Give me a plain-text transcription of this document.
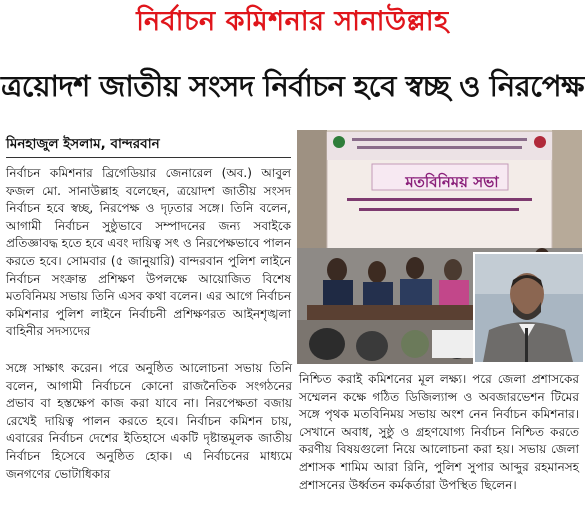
নির্বাচন কমিশনার সানাউল্লাহ
ত্রয়োদশ জাতীয় সংসদ নির্বাচন হবে স্বচ্ছ ও নিরপেক্ষ
মিনহাজুল ইসলাম, বান্দরবান

নির্বাচন কমিশনার ব্রিগেডিয়ার জেনারেল (অব.) আবুল ফজল মো. সানাউল্লাহ বলেছেন, ত্রয়োদশ জাতীয় সংসদ নির্বাচন হবে স্বচ্ছ, নিরপেক্ষ ও দৃঢ়তার সঙ্গে। তিনি বলেন, আগামী নির্বাচন সুষ্ঠুভাবে সম্পাদনের জন্য সবাইকে প্রতিজ্ঞাবদ্ধ হতে হবে এবং দায়িত্ব সৎ ও নিরপেক্ষভাবে পালন করতে হবে। সোমবার (৫ জানুয়ারি) বান্দরবান পুলিশ লাইনে নির্বাচন সংক্রান্ত প্রশিক্ষণ উপলক্ষে আয়োজিত বিশেষ মতবিনিময় সভায় তিনি এসব কথা বলেন। এর আগে নির্বাচন কমিশনার পুলিশ লাইনে নির্বাচনী প্রশিক্ষণরত আইনশৃঙ্খলা বাহিনীর সদস্যদের

মতবিনিময় সভা

সঙ্গে সাক্ষাৎ করেন। পরে অনুষ্ঠিত আলোচনা সভায় তিনি বলেন, আগামী নির্বাচনে কোনো রাজনৈতিক সংগঠনের প্রভাব বা হস্তক্ষেপ কাজ করা যাবে না। নিরপেক্ষতা বজায় রেখেই দায়িত্ব পালন করতে হবে। নির্বাচন কমিশন চায়, এবারের নির্বাচন দেশের ইতিহাসে একটি দৃষ্টান্তমূলক জাতীয় নির্বাচন হিসেবে অনুষ্ঠিত হোক। এ নির্বাচনের মাধ্যমে জনগণের ভোটাধিকার

নিশ্চিত করাই কমিশনের মূল লক্ষ্য। পরে জেলা প্রশাসকের সম্মেলন কক্ষে গঠিত ডিজিল্যান্স ও অবজারভেশন টিমের সঙ্গে পৃথক মতবিনিময় সভায় অংশ নেন নির্বাচন কমিশনার। সেখানে অবাধ, সুষ্ঠু ও গ্রহণযোগ্য নির্বাচন নিশ্চিত করতে করণীয় বিষয়গুলো নিয়ে আলোচনা করা হয়। সভায় জেলা প্রশাসক শামিম আরা রিনি, পুলিশ সুপার আব্দুর রহমানসহ প্রশাসনের উর্ধ্বতন কর্মকর্তারা উপস্থিত ছিলেন।
